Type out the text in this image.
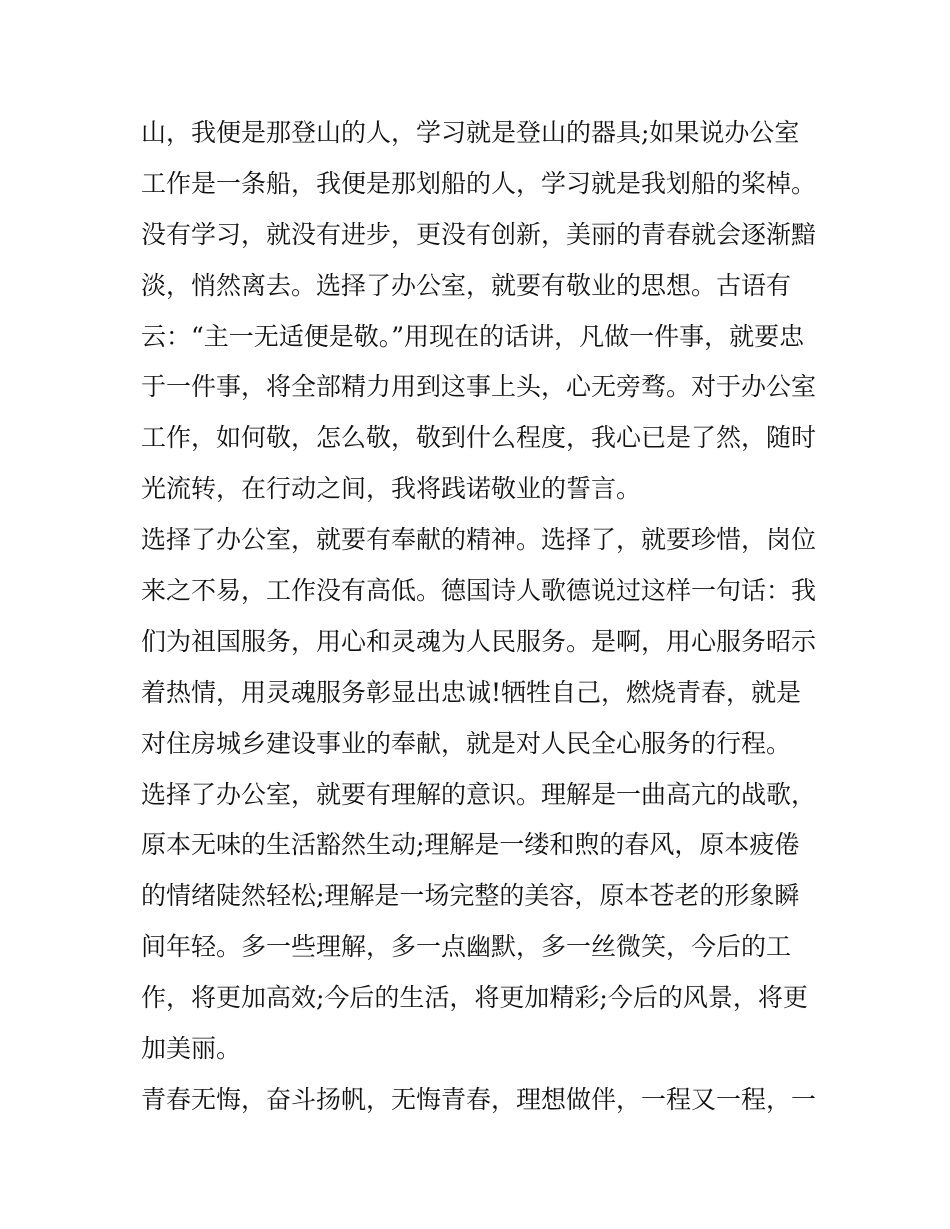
山，我便是那登山的人，学习就是登山的器具;如果说办公室
工作是一条船，我便是那划船的人，学习就是我划船的桨棹。
没有学习，就没有进步，更没有创新，美丽的青春就会逐渐黯
淡，悄然离去。选择了办公室，就要有敬业的思想。古语有
云：“主一无适便是敬。”用现在的话讲，凡做一件事，就要忠
于一件事，将全部精力用到这事上头，心无旁骛。对于办公室
工作，如何敬，怎么敬，敬到什么程度，我心已是了然，随时
光流转，在行动之间，我将践诺敬业的誓言。
选择了办公室，就要有奉献的精神。选择了，就要珍惜，岗位
来之不易，工作没有高低。德国诗人歌德说过这样一句话：我
们为祖国服务，用心和灵魂为人民服务。是啊，用心服务昭示
着热情，用灵魂服务彰显出忠诚!牺牲自己，燃烧青春，就是
对住房城乡建设事业的奉献，就是对人民全心服务的行程。
选择了办公室，就要有理解的意识。理解是一曲高亢的战歌，
原本无味的生活豁然生动;理解是一缕和煦的春风，原本疲倦
的情绪陡然轻松;理解是一场完整的美容，原本苍老的形象瞬
间年轻。多一些理解，多一点幽默，多一丝微笑，今后的工
作，将更加高效;今后的生活，将更加精彩;今后的风景，将更
加美丽。
青春无悔，奋斗扬帆，无悔青春，理想做伴，一程又一程，一
